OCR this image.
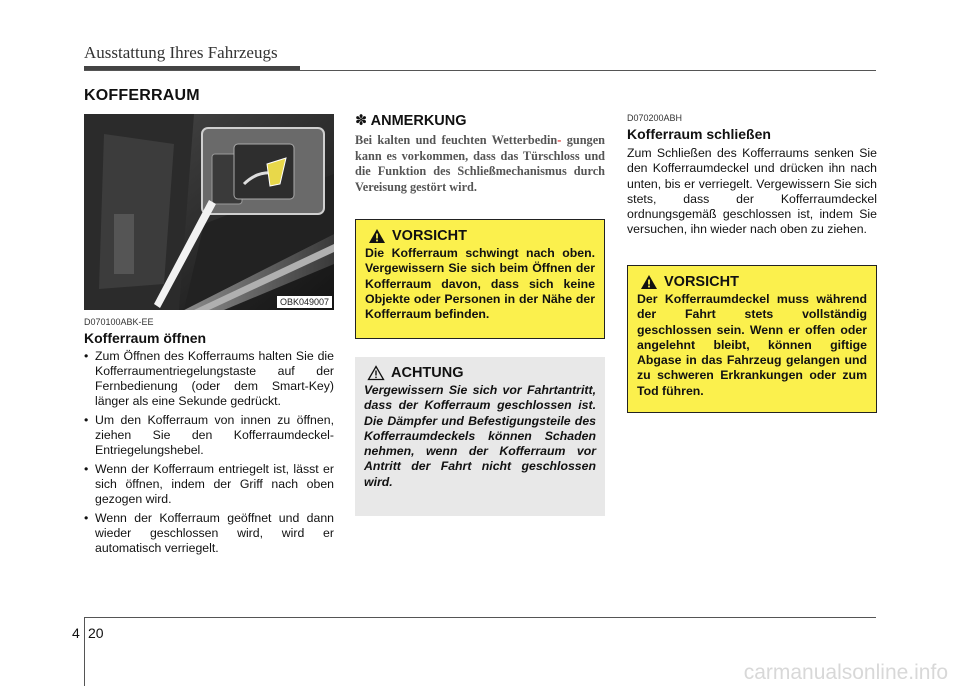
Ausstattung Ihres Fahrzeugs
KOFFERRAUM
OBK049007
D070100ABK-EE
Kofferraum öffnen
• Zum Öffnen des Kofferraums halten Sie die Kofferraumentriegelungstaste auf der Fernbedienung (oder dem Smart-Key) länger als eine Sekunde gedrückt.
• Um den Kofferraum von innen zu öffnen, ziehen Sie den Kofferraumdeckel-Entriegelungshebel.
• Wenn der Kofferraum entriegelt ist, lässt er sich öffnen, indem der Griff nach oben gezogen wird.
• Wenn der Kofferraum geöffnet und dann wieder geschlossen wird, wird er automatisch verriegelt.
✽ ANMERKUNG
Bei kalten und feuchten Wetterbedin- gungen kann es vorkommen, dass das Türschloss und die Funktion des Schließmechanismus durch Vereisung gestört wird.
VORSICHT
Die Kofferraum schwingt nach oben. Vergewissern Sie sich beim Öffnen der Kofferraum davon, dass sich keine Objekte oder Personen in der Nähe der Kofferraum befinden.
ACHTUNG
Vergewissern Sie sich vor Fahrtantritt, dass der Kofferraum geschlossen ist. Die Dämpfer und Befestigungsteile des Kofferraumdeckels können Schaden nehmen, wenn der Kofferraum vor Antritt der Fahrt nicht geschlossen wird.
D070200ABH
Kofferraum schließen

Zum Schließen des Kofferraums senken Sie den Kofferraumdeckel und drücken ihn nach unten, bis er verriegelt. Vergewissern Sie sich stets, dass der Kofferraumdeckel ordnungsgemäß geschlossen ist, indem Sie versuchen, ihn wieder nach oben zu ziehen.

VORSICHT
Der Kofferraumdeckel muss während der Fahrt stets vollständig geschlossen sein. Wenn er offen oder angelehnt bleibt, können giftige Abgase in das Fahrzeug gelangen und zu schweren Erkrankungen oder zum Tod führen.
4 20
carmanualsonline.info
